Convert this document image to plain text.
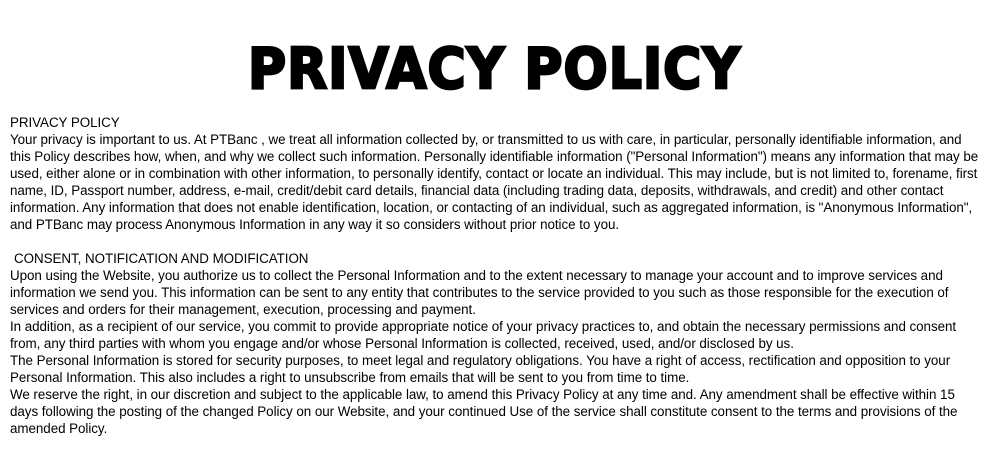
PRIVACY POLICY

PRIVACY POLICY

Your privacy is important to us. At PTBanc , we treat all information collected by, or transmitted to us with care, in particular, personally identifiable information, and this Policy describes how, when, and why we collect such information. Personally identifiable information ("Personal Information") means any information that may be used, either alone or in combination with other information, to personally identify, contact or locate an individual. This may include, but is not limited to, forename, first name, ID, Passport number, address, e-mail, credit/debit card details, financial data (including trading data, deposits, withdrawals, and credit) and other contact information. Any information that does not enable identification, location, or contacting of an individual, such as aggregated information, is "Anonymous Information", and PTBanc may process Anonymous Information in any way it so considers without prior notice to you.

CONSENT, NOTIFICATION AND MODIFICATION

Upon using the Website, you authorize us to collect the Personal Information and to the extent necessary to manage your account and to improve services and information we send you. This information can be sent to any entity that contributes to the service provided to you such as those responsible for the execution of services and orders for their management, execution, processing and payment.

In addition, as a recipient of our service, you commit to provide appropriate notice of your privacy practices to, and obtain the necessary permissions and consent from, any third parties with whom you engage and/or whose Personal Information is collected, received, used, and/or disclosed by us.

The Personal Information is stored for security purposes, to meet legal and regulatory obligations. You have a right of access, rectification and opposition to your Personal Information. This also includes a right to unsubscribe from emails that will be sent to you from time to time.

We reserve the right, in our discretion and subject to the applicable law, to amend this Privacy Policy at any time and. Any amendment shall be effective within 15 days following the posting of the changed Policy on our Website, and your continued Use of the service shall constitute consent to the terms and provisions of the amended Policy.
